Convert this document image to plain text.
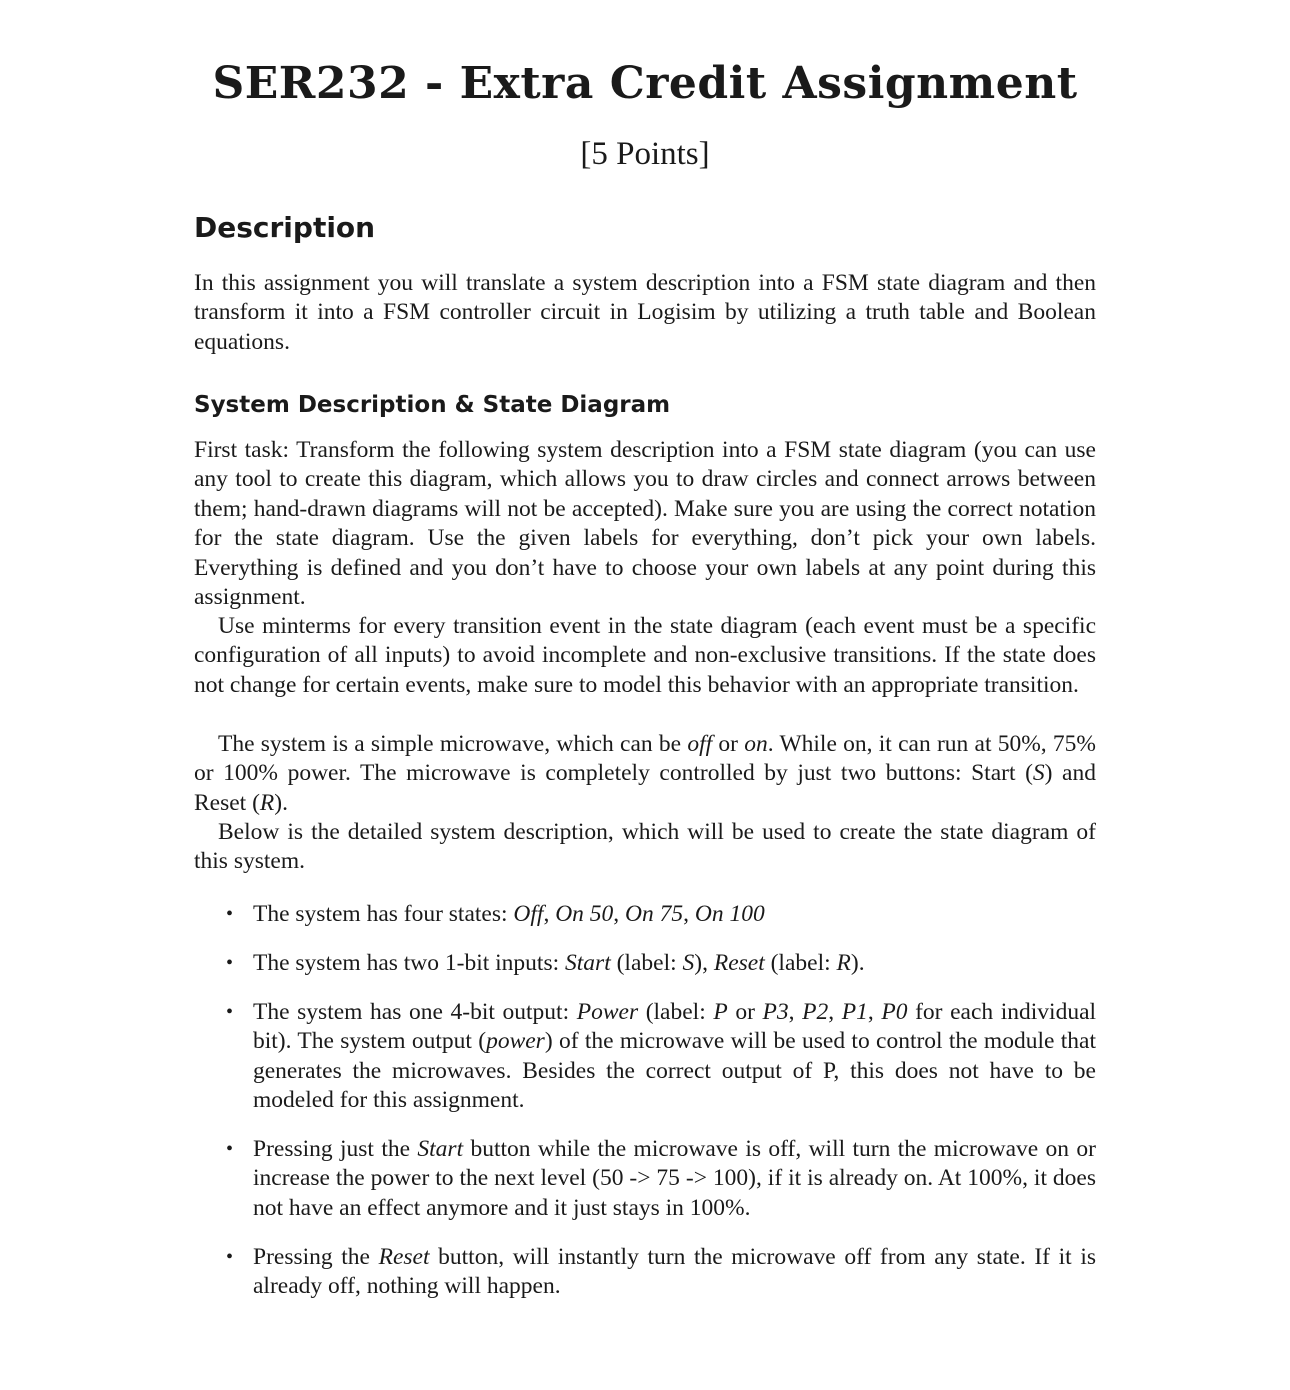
SER232 - Extra Credit Assignment
[5 Points]
Description

In this assignment you will translate a system description into a FSM state diagram and then transform it into a FSM controller circuit in Logisim by utilizing a truth table and Boolean equations.

System Description & State Diagram

First task: Transform the following system description into a FSM state diagram (you can use any tool to create this diagram, which allows you to draw circles and connect arrows between them; hand-drawn diagrams will not be accepted). Make sure you are using the correct notation for the state diagram. Use the given labels for everything, don’t pick your own labels. Everything is defined and you don’t have to choose your own labels at any point during this assignment.

Use minterms for every transition event in the state diagram (each event must be a specific configuration of all inputs) to avoid incomplete and non-exclusive transitions. If the state does not change for certain events, make sure to model this behavior with an appropriate transition.

The system is a simple microwave, which can be off or on. While on, it can run at 50%, 75% or 100% power. The microwave is completely controlled by just two buttons: Start (S) and Reset (R).

Below is the detailed system description, which will be used to create the state diagram of this system.

• The system has four states: Off, On 50, On 75, On 100
• The system has two 1-bit inputs: Start (label: S), Reset (label: R).
• The system has one 4-bit output: Power (label: P or P3, P2, P1, P0 for each individual bit). The system output (power) of the microwave will be used to control the module that generates the microwaves. Besides the correct output of P, this does not have to be modeled for this assignment.
• Pressing just the Start button while the microwave is off, will turn the microwave on or increase the power to the next level (50 -> 75 -> 100), if it is already on. At 100%, it does not have an effect anymore and it just stays in 100%.
• Pressing the Reset button, will instantly turn the microwave off from any state. If it is already off, nothing will happen.
